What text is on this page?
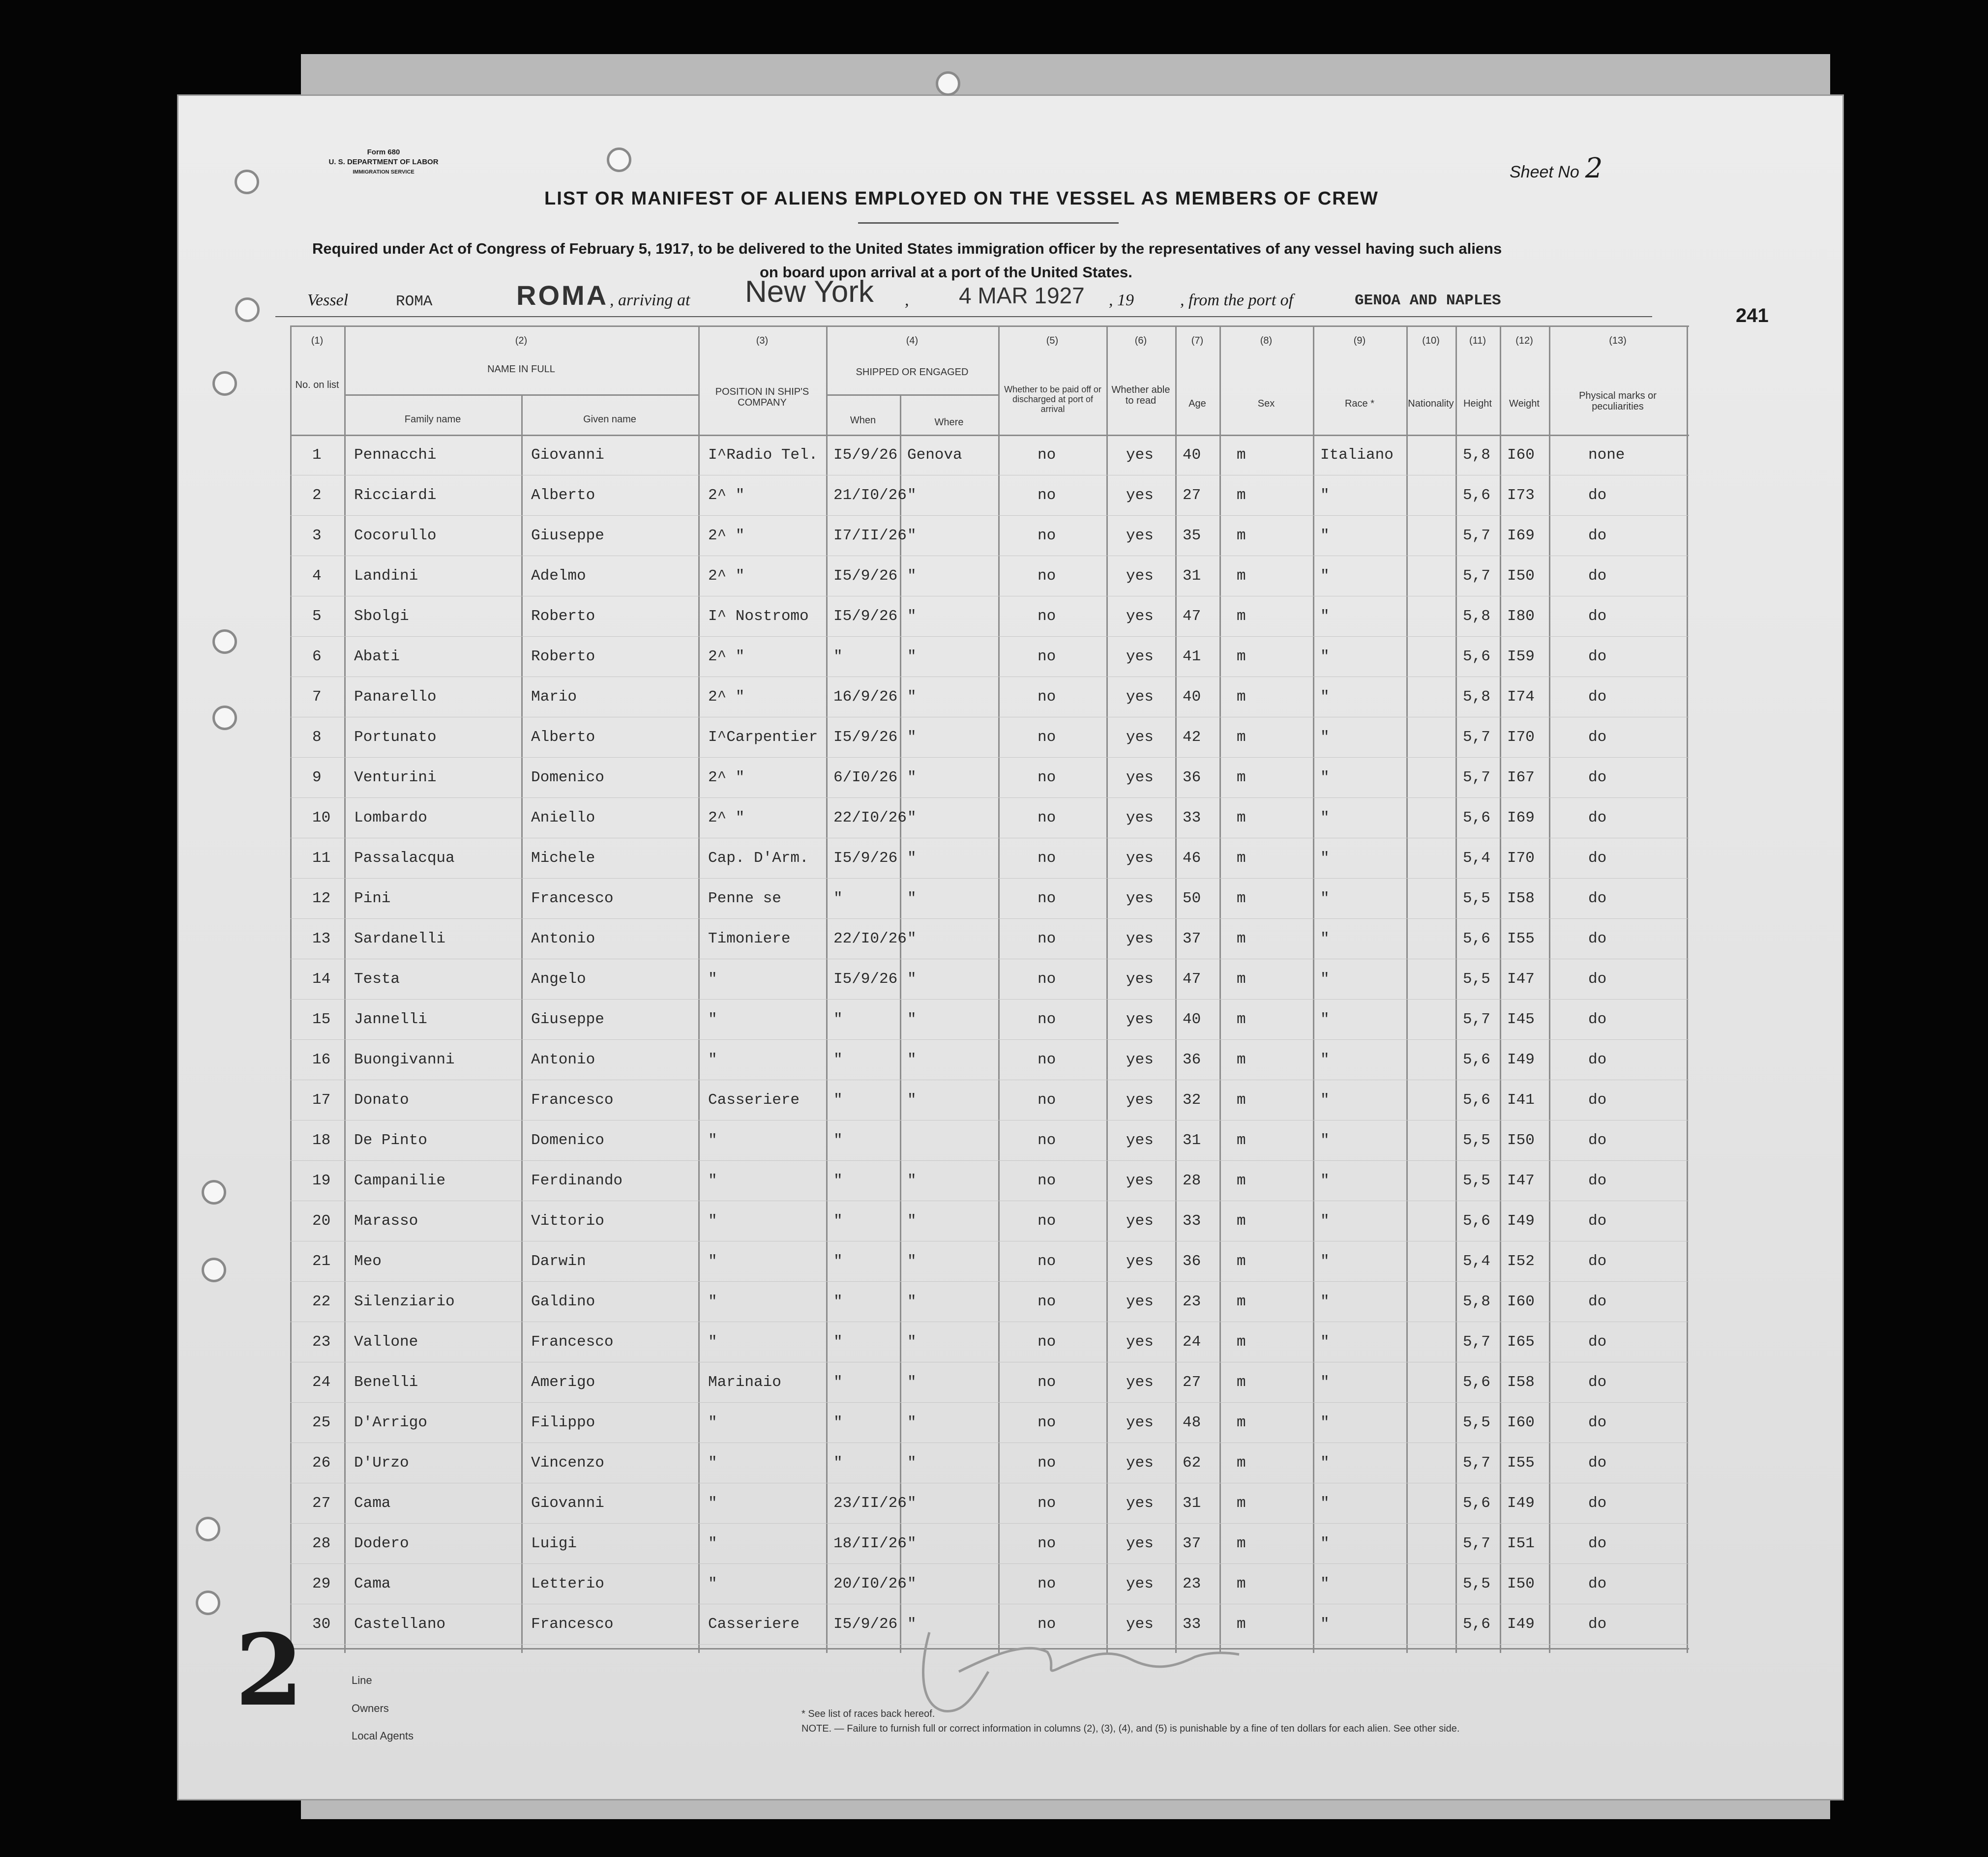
Form 680
U. S. DEPARTMENT OF LABOR
IMMIGRATION SERVICE	Sheet No 2
LIST OR MANIFEST OF ALIENS EMPLOYED ON THE VESSEL AS MEMBERS OF CREW
Required under Act of Congress of February 5, 1917, to be delivered to the United States immigration officer by the representatives of any vessel having such aliens
on board upon arrival at a port of the United States.
Vessel	ROMA	ROMA , arriving at New York , 4 MAR 1927 , 19	, from the port of	GENOA AND NAPLES
241
(1)
No. on list
(2)
NAME IN FULL
Family name	Given name
(3)
POSITION IN SHIP'S COMPANY
(4)
SHIPPED OR ENGAGED
When	Where
(5)
Whether to be paid off or discharged at port of arrival
(6)
Whether able to read
(7)
Age
(8)
Sex
(9)
Race *
(10)
Nationality
(11)
Height
(12)
Weight
(13)
Physical marks or peculiarities
1 Pennacchi	Giovanni	I^Radio Tel. I5/9/26 Genova	no	yes 40 m	Italiano	5,8 I60	none
2 Ricciardi	Alberto	2^ "	21/I0/26 "	no	yes 27 m	"	5,6 I73	do
3 Cocorullo	Giuseppe	2^ "	I7/II/26 "	no	yes 35 m	"	5,7 I69	do
4 Landini	Adelmo	2^ "	I5/9/26 "	no	yes 31 m	"	5,7 I50	do
5 Sbolgi	Roberto	I^ Nostromo I5/9/26 "	no	yes 47 m	"	5,8 I80	do
6 Abati	Roberto	2^ "	"	"	no	yes 41 m	"	5,6 I59	do
7 Panarello	Mario	2^ "	16/9/26 "	no	yes 40 m	"	5,8 I74	do
8 Portunato	Alberto	I^Carpentier I5/9/26 "	no	yes 42 m	"	5,7 I70	do
9 Venturini	Domenico	2^ "	6/I0/26 "	no	yes 36 m	"	5,7 I67	do
10 Lombardo	Aniello	2^ "	22/I0/26 "	no	yes 33 m	"	5,6 I69	do
11 Passalacqua	Michele	Cap. D'Arm. I5/9/26 "	no	yes 46 m	"	5,4 I70	do
12 Pini	Francesco	Penne se	"	"	no	yes 50 m	"	5,5 I58	do
13 Sardanelli	Antonio	Timoniere	22/I0/26 "	no	yes 37 m	"	5,6 I55	do
14 Testa	Angelo	"	I5/9/26 "	no	yes 47 m	"	5,5 I47	do
15 Jannelli	Giuseppe	"	"	"	no	yes 40 m	"	5,7 I45	do
16 Buongivanni	Antonio	"	"	"	no	yes 36 m	"	5,6 I49	do
17 Donato	Francesco	Casseriere "	"	no	yes 32 m	"	5,6 I41	do
18 De Pinto	Domenico	"	"	no	yes 31 m	"	5,5 I50	do
19 Campanilie	Ferdinando	"	"	"	no	yes 28 m	"	5,5 I47	do
20 Marasso	Vittorio	"	"	"	no	yes 33 m	"	5,6 I49	do
21 Meo	Darwin	"	"	"	no	yes 36 m	"	5,4 I52	do
22 Silenziario	Galdino	"	"	"	no	yes 23 m	"	5,8 I60	do
23 Vallone	Francesco	"	"	"	no	yes 24 m	"	5,7 I65	do
24 Benelli	Amerigo	Marinaio	"	"	no	yes 27 m	"	5,6 I58	do
25 D'Arrigo	Filippo	"	"	"	no	yes 48 m	"	5,5 I60	do
26 D'Urzo	Vincenzo	"	"	"	no	yes 62 m	"	5,7 I55	do
27 Cama	Giovanni	"	23/II/26 "	no	yes 31 m	"	5,6 I49	do
28 Dodero	Luigi	"	18/II/26 "	no	yes 37 m	"	5,7 I51	do
29 Cama	Letterio	"	20/I0/26 "	no	yes 23 m	"	5,5 I50	do
30 Castellano	Francesco	Casseriere I5/9/26 "	no	yes 33 m	"	5,6 I49	do
2	Line
Owners
Local Agents
* See list of races back hereof.
NOTE. — Failure to furnish full or correct information in columns (2), (3), (4), and (5) is punishable by a fine of ten dollars for each alien. See other side.
